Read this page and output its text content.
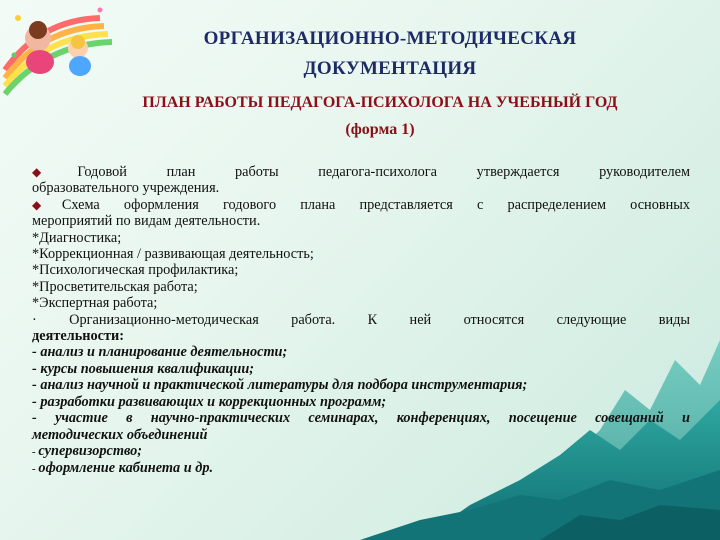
ОРГАНИЗАЦИОННО-МЕТОДИЧЕСКАЯ
ДОКУМЕНТАЦИЯ
ПЛАН РАБОТЫ ПЕДАГОГА-ПСИХОЛОГА НА УЧЕБНЫЙ ГОД
(форма 1)
◆Годовой план работы педагога-психолога утверждается руководителем
образовательного учреждения.
◆Схема оформления годового плана представляется с распределением основных
мероприятий по видам деятельности.
*Диагностика;
*Коррекционная / развивающая деятельность;
*Психологическая профилактика;
*Просветительская работа;
*Экспертная работа;
· Организационно-методическая работа. К ней относятся следующие виды
деятельности:
- анализ и планирование деятельности;
- курсы повышения квалификации;
- анализ научной и практической литературы для подбора инструментария;
- разработки развивающих и коррекционных программ;
- участие в научно-практических семинарах, конференциях, посещение совещаний и
методических объединений
- супервизорство;
- оформление кабинета и др.
